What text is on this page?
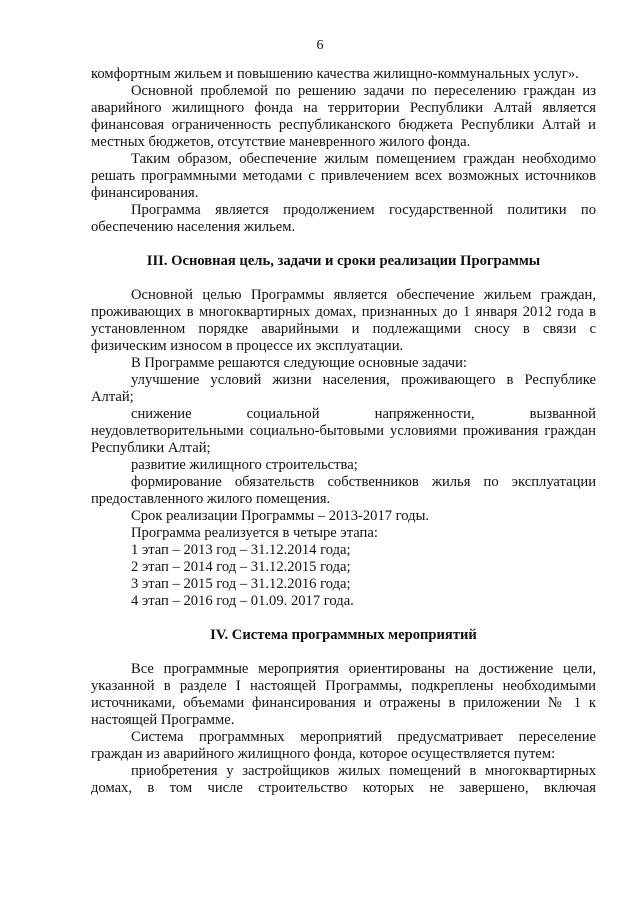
6

комфортным жильем и повышению качества жилищно-коммунальных услуг».

Основной проблемой по решению задачи по переселению граждан из аварийного жилищного фонда на территории Республики Алтай является финансовая ограниченность республиканского бюджета Республики Алтай и местных бюджетов, отсутствие маневренного жилого фонда.

Таким образом, обеспечение жилым помещением граждан необходимо решать программными методами с привлечением всех возможных источников финансирования.

Программа является продолжением государственной политики по обеспечению населения жильем.

III. Основная цель, задачи и сроки реализации Программы

Основной целью Программы является обеспечение жильем граждан, проживающих в многоквартирных домах, признанных до 1 января 2012 года в установленном порядке аварийными и подлежащими сносу в связи с физическим износом в процессе их эксплуатации.

В Программе решаются следующие основные задачи:

улучшение условий жизни населения, проживающего в Республике Алтай;

снижение социальной напряженности, вызванной неудовлетворительными социально-бытовыми условиями проживания граждан Республики Алтай;

развитие жилищного строительства;

формирование обязательств собственников жилья по эксплуатации предоставленного жилого помещения.

Срок реализации Программы – 2013-2017 годы.

Программа реализуется в четыре этапа:

1 этап – 2013 год – 31.12.2014 года;

2 этап – 2014 год – 31.12.2015 года;

3 этап – 2015 год – 31.12.2016 года;

4 этап – 2016 год – 01.09. 2017 года.

IV. Система программных мероприятий

Все программные мероприятия ориентированы на достижение цели, указанной в разделе I настоящей Программы, подкреплены необходимыми источниками, объемами финансирования и отражены в приложении № 1 к настоящей Программе.

Система программных мероприятий предусматривает переселение граждан из аварийного жилищного фонда, которое осуществляется путем:

приобретения у застройщиков жилых помещений в многоквартирных домах, в том числе строительство которых не завершено, включая
